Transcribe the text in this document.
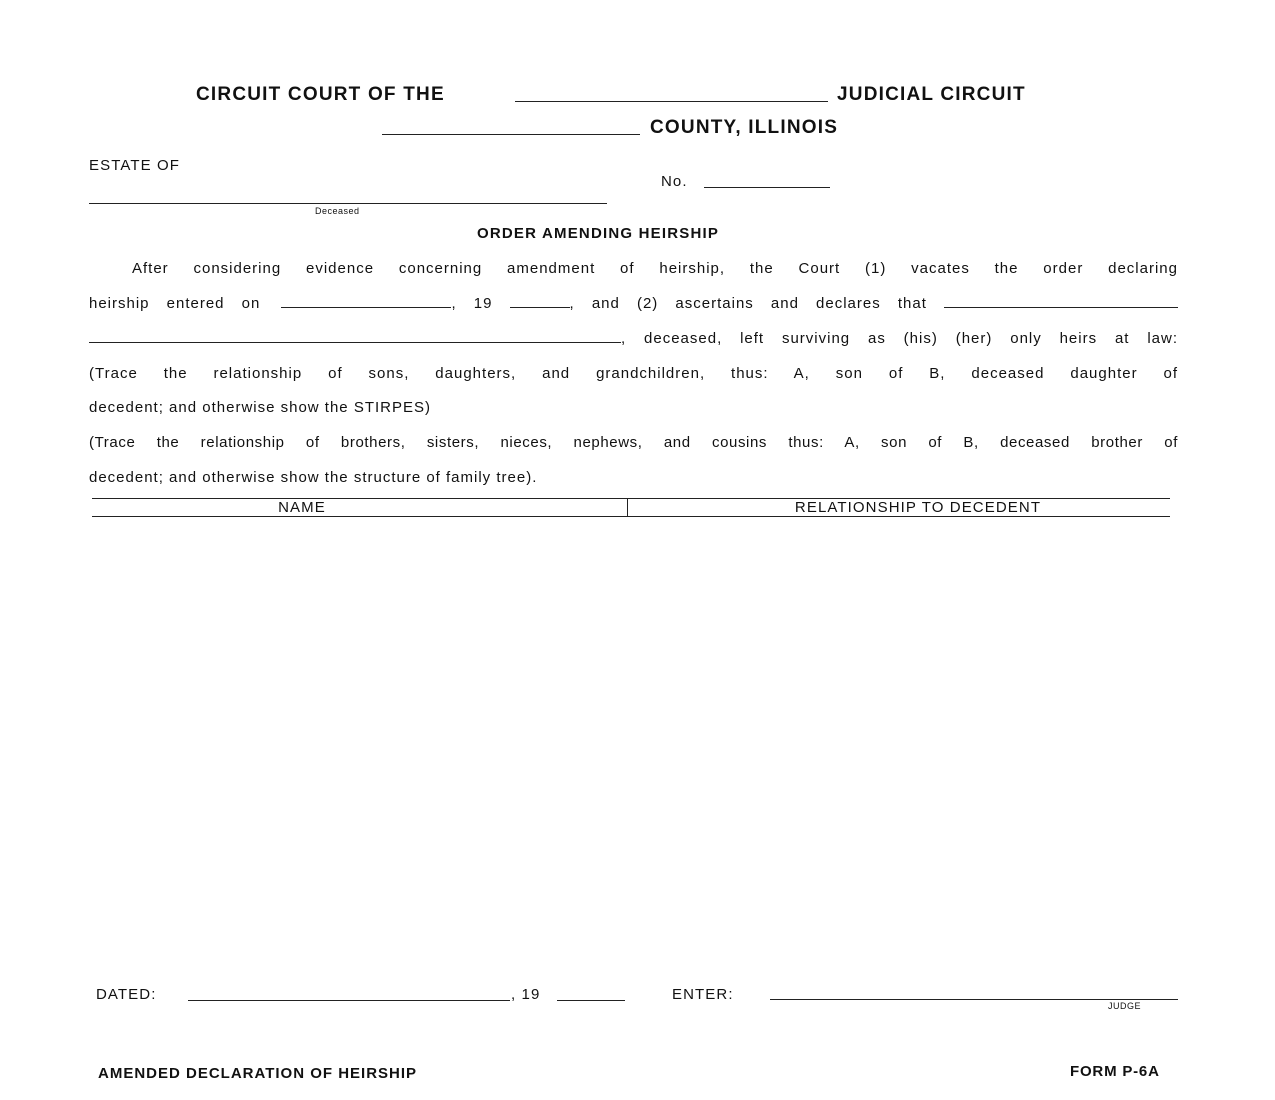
CIRCUIT COURT OF THE	JUDICIAL CIRCUIT
COUNTY, ILLINOIS
ESTATE OF
Deceased
No.
ORDER AMENDING HEIRSHIP
After considering evidence concerning amendment of heirship, the Court (1) vacates the order declaring
heirship entered on	, 19	, and (2) ascertains and declares that
, deceased, left surviving as (his) (her) only heirs at law:
(Trace the relationship of sons, daughters, and grandchildren, thus: A, son of B, deceased daughter of
decedent; and otherwise show the STIRPES)
(Trace the relationship of brothers, sisters, nieces, nephews, and cousins thus: A, son of B, deceased brother of
decedent; and otherwise show the structure of family tree).
NAME	RELATIONSHIP TO DECEDENT
DATED:	, 19	ENTER:
JUDGE
AMENDED DECLARATION OF HEIRSHIP	FORM P-6A
